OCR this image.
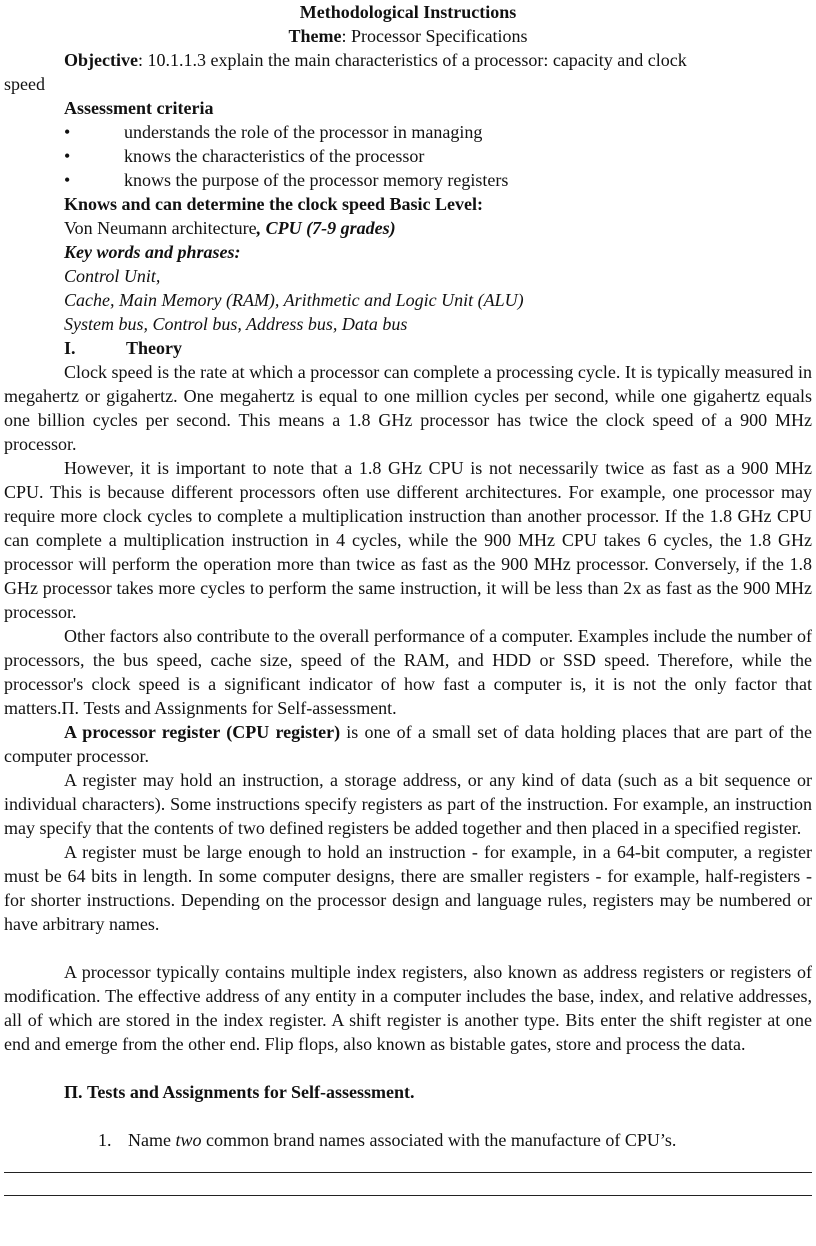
Methodological Instructions
Theme: Processor Specifications
Objective: 10.1.1.3 explain the main characteristics of a processor: capacity and clock
speed
Assessment criteria
•	understands the role of the processor in managing
•	knows the characteristics of the processor
•	knows the purpose of the processor memory registers
Knows and can determine the clock speed Basic Level:
Von Neumann architecture, CPU (7-9 grades)
Key words and phrases:
Control Unit,
Cache, Main Memory (RAM), Arithmetic and Logic Unit (ALU)
System bus, Control bus, Address bus, Data bus
I.	Theory
Clock speed is the rate at which a processor can complete a processing cycle. It is typically measured in megahertz or gigahertz. One megahertz is equal to one million cycles per second, while one gigahertz equals one billion cycles per second. This means a 1.8 GHz processor has twice the clock speed of a 900 MHz processor.
However, it is important to note that a 1.8 GHz CPU is not necessarily twice as fast as a 900 MHz CPU. This is because different processors often use different architectures. For example, one processor may require more clock cycles to complete a multiplication instruction than another processor. If the 1.8 GHz CPU can complete a multiplication instruction in 4 cycles, while the 900 MHz CPU takes 6 cycles, the 1.8 GHz processor will perform the operation more than twice as fast as the 900 MHz processor. Conversely, if the 1.8 GHz processor takes more cycles to perform the same instruction, it will be less than 2x as fast as the 900 MHz processor.
Other factors also contribute to the overall performance of a computer. Examples include the number of processors, the bus speed, cache size, speed of the RAM, and HDD or SSD speed. Therefore, while the processor's clock speed is a significant indicator of how fast a computer is, it is not the only factor that matters.П. Tests and Assignments for Self-assessment.
A processor register (CPU register) is one of a small set of data holding places that are part of the computer processor.
A register may hold an instruction, a storage address, or any kind of data (such as a bit sequence or individual characters). Some instructions specify registers as part of the instruction. For example, an instruction may specify that the contents of two defined registers be added together and then placed in a specified register.
A register must be large enough to hold an instruction - for example, in a 64-bit computer, a register must be 64 bits in length. In some computer designs, there are smaller registers - for example, half-registers - for shorter instructions. Depending on the processor design and language rules, registers may be numbered or have arbitrary names.
A processor typically contains multiple index registers, also known as address registers or registers of modification. The effective address of any entity in a computer includes the base, index, and relative addresses, all of which are stored in the index register. A shift register is another type. Bits enter the shift register at one end and emerge from the other end. Flip flops, also known as bistable gates, store and process the data.
П. Tests and Assignments for Self-assessment.
1. Name two common brand names associated with the manufacture of CPU’s.
